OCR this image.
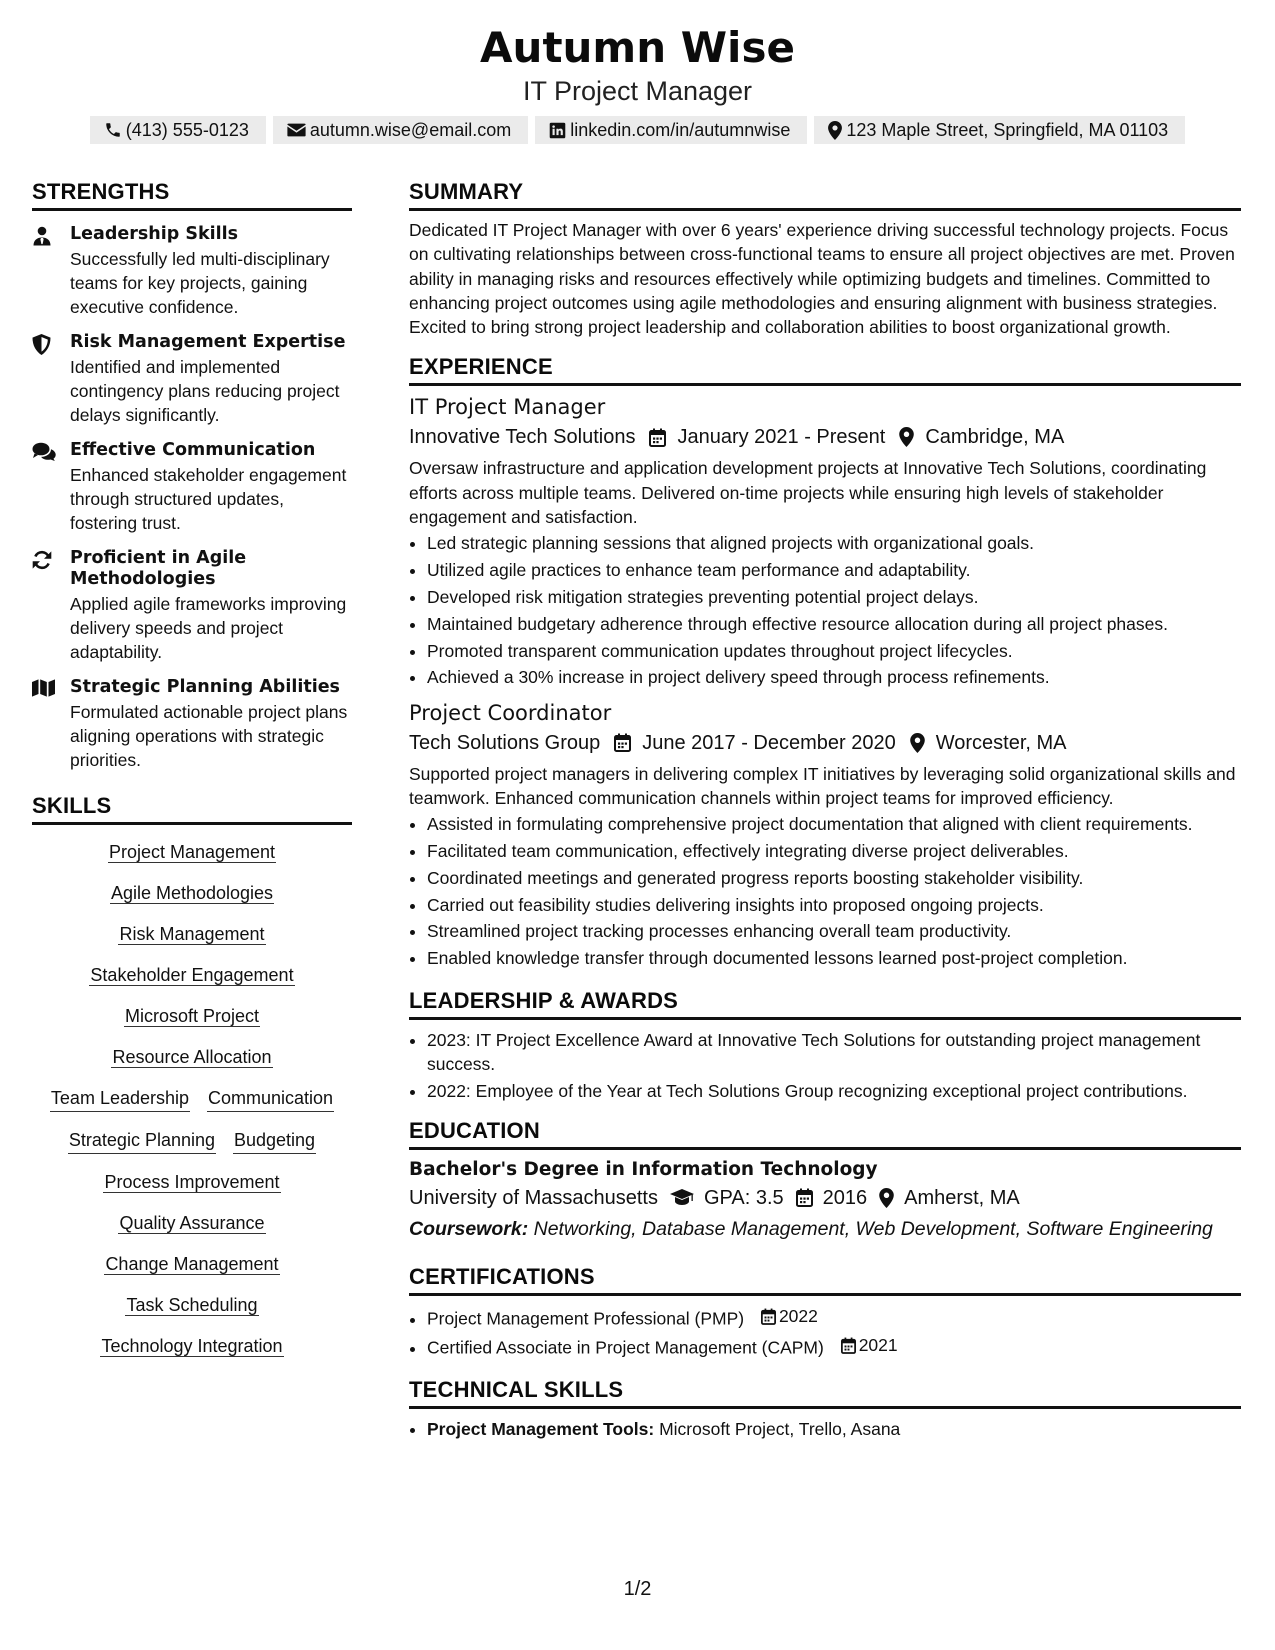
Autumn Wise
IT Project Manager
(413) 555-0123	autumn.wise@email.com	linkedin.com/in/autumnwise	123 Maple Street, Springfield, MA 01103
STRENGTHS
Leadership Skills
Successfully led multi-disciplinary teams for key projects, gaining executive confidence.
Risk Management Expertise
Identified and implemented contingency plans reducing project delays significantly.
Effective Communication
Enhanced stakeholder engagement through structured updates, fostering trust.
Proficient in Agile Methodologies
Applied agile frameworks improving delivery speeds and project adaptability.
Strategic Planning Abilities
Formulated actionable project plans aligning operations with strategic priorities.
SKILLS
Project Management
Agile Methodologies
Risk Management
Stakeholder Engagement
Microsoft Project
Resource Allocation
Team Leadership Communication
Strategic Planning Budgeting
Process Improvement
Quality Assurance
Change Management
Task Scheduling
Technology Integration
SUMMARY
Dedicated IT Project Manager with over 6 years' experience driving successful technology projects. Focus on cultivating relationships between cross-functional teams to ensure all project objectives are met. Proven ability in managing risks and resources effectively while optimizing budgets and timelines. Committed to enhancing project outcomes using agile methodologies and ensuring alignment with business strategies. Excited to bring strong project leadership and collaboration abilities to boost organizational growth.
EXPERIENCE
IT Project Manager
Innovative Tech Solutions January 2021 - Present Cambridge, MA
Oversaw infrastructure and application development projects at Innovative Tech Solutions, coordinating efforts across multiple teams. Delivered on-time projects while ensuring high levels of stakeholder engagement and satisfaction.
• Led strategic planning sessions that aligned projects with organizational goals.
• Utilized agile practices to enhance team performance and adaptability.
• Developed risk mitigation strategies preventing potential project delays.
• Maintained budgetary adherence through effective resource allocation during all project phases.
• Promoted transparent communication updates throughout project lifecycles.
• Achieved a 30% increase in project delivery speed through process refinements.
Project Coordinator
Tech Solutions Group June 2017 - December 2020 Worcester, MA
Supported project managers in delivering complex IT initiatives by leveraging solid organizational skills and teamwork. Enhanced communication channels within project teams for improved efficiency.
• Assisted in formulating comprehensive project documentation that aligned with client requirements.
• Facilitated team communication, effectively integrating diverse project deliverables.
• Coordinated meetings and generated progress reports boosting stakeholder visibility.
• Carried out feasibility studies delivering insights into proposed ongoing projects.
• Streamlined project tracking processes enhancing overall team productivity.
• Enabled knowledge transfer through documented lessons learned post-project completion.
LEADERSHIP & AWARDS
• 2023: IT Project Excellence Award at Innovative Tech Solutions for outstanding project management success.
• 2022: Employee of the Year at Tech Solutions Group recognizing exceptional project contributions.
EDUCATION
Bachelor's Degree in Information Technology
University of Massachusetts GPA: 3.5 2016 Amherst, MA
Coursework: Networking, Database Management, Web Development, Software Engineering
CERTIFICATIONS
• Project Management Professional (PMP) 2022
• Certified Associate in Project Management (CAPM) 2021
TECHNICAL SKILLS
• Project Management Tools: Microsoft Project, Trello, Asana
1/2
